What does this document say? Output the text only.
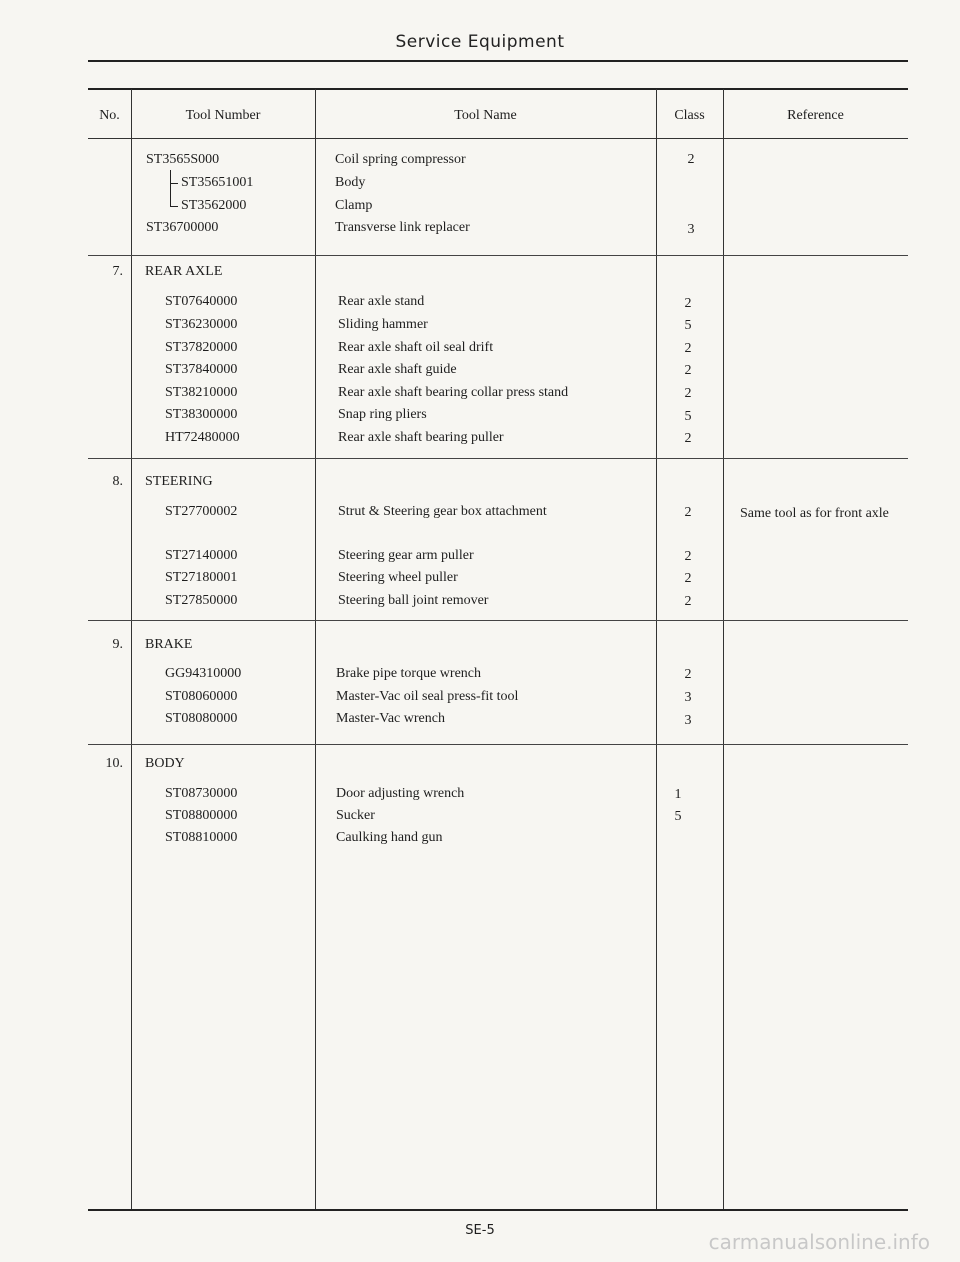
Service Equipment
No.	Tool Number	Tool Name	Class	Reference
ST3565S000	Coil spring compressor	2
ST35651001	Body
ST3562000	Clamp
ST36700000	Transverse link replacer	3
7. REAR AXLE
ST07640000	Rear axle stand	2
ST36230000	Sliding hammer	5
ST37820000	Rear axle shaft oil seal drift	2
ST37840000	Rear axle shaft guide	2
ST38210000	Rear axle shaft bearing collar press stand	2
ST38300000	Snap ring pliers	5
HT72480000	Rear axle shaft bearing puller	2
8. STEERING
ST27700002	Strut & Steering gear box attachment	2	Same tool as for front axle
ST27140000	Steering gear arm puller	2
ST27180001	Steering wheel puller	2
ST27850000	Steering ball joint remover	2
9. BRAKE
GG94310000	Brake pipe torque wrench	2
ST08060000	Master-Vac oil seal press-fit tool	3
ST08080000	Master-Vac wrench	3
10. BODY
ST08730000	Door adjusting wrench	1
ST08800000	Sucker	5
ST08810000	Caulking hand gun
SE-5	carmanualsonline.info
